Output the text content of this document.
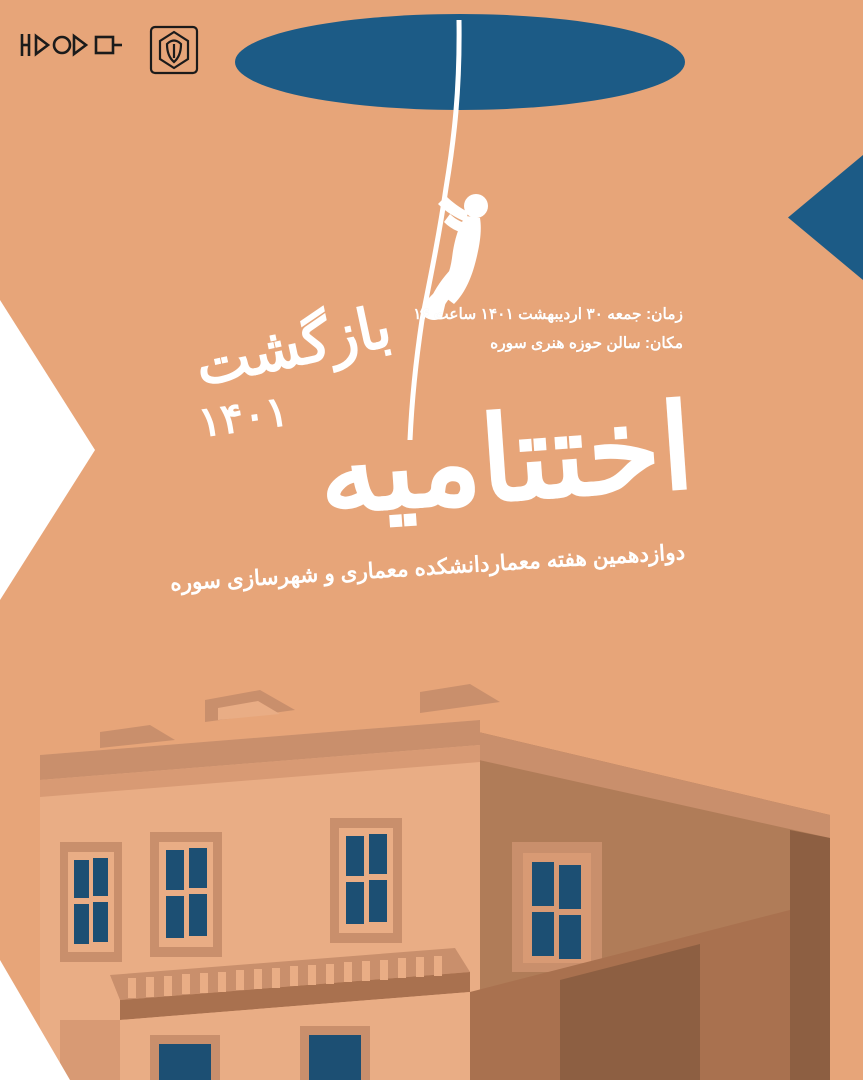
زمان: جمعه ۳۰ اردیبهشت ۱۴۰۱ ساعت ۱۶
مکان: سالن حوزه هنری سوره
بازگشت
۱۴۰۱ اختتامیه
دوازدهمین هفته معماردانشکده معماری و شهرسازی سوره
